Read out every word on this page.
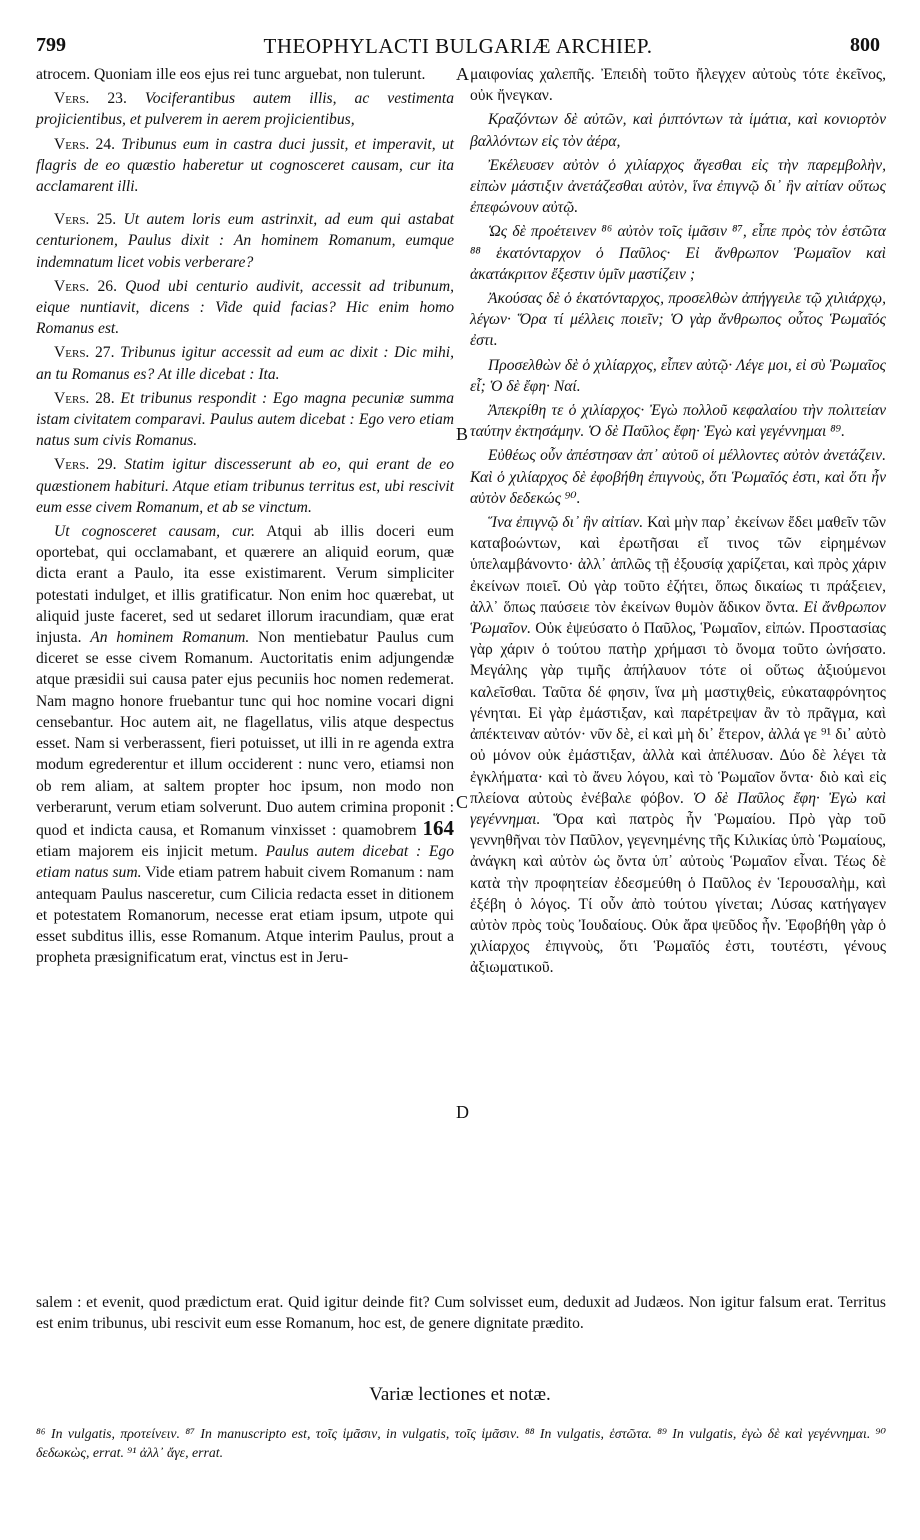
799	THEOPHYLACTI BULGARIÆ ARCHIEP.	800

atrocem. Quoniam ille eos ejus rei tunc arguebat, non tulerunt.

Vers. 23. Vociferantibus autem illis, ac vestimenta projicientibus, et pulverem in aerem projicientibus,

Vers. 24. Tribunus eum in castra duci jussit, et imperavit, ut flagris de eo quæstio haberetur ut cognosceret causam, cur ita acclamarent illi.

Vers. 25. Ut autem loris eum astrinxit, ad eum qui astabat centurionem, Paulus dixit : An hominem Romanum, eumque indemnatum licet vobis verberare?

Vers. 26. Quod ubi centurio audivit, accessit ad tribunum, eique nuntiavit, dicens : Vide quid facias? Hic enim homo Romanus est.

Vers. 27. Tribunus igitur accessit ad eum ac dixit : Dic mihi, an tu Romanus es? At ille dicebat : Ita.

Vers. 28. Et tribunus respondit : Ego magna pecuniæ summa istam civitatem comparavi. Paulus autem dicebat : Ego vero etiam natus sum civis Romanus.

Vers. 29. Statim igitur discesserunt ab eo, qui erant de eo quæstionem habituri. Atque etiam tribunus territus est, ubi rescivit eum esse civem Romanum, et ab se vinctum.

Ut cognosceret causam, cur. Atqui ab illis doceri eum oportebat, qui occlamabant, et quærere an aliquid eorum, quæ dicta erant a Paulo, ita esse existimarent. Verum simpliciter potestati indulget, et illis gratificatur. Non enim hoc quærebat, ut aliquid juste faceret, sed ut sedaret illorum iracundiam, quæ erat injusta. An hominem Romanum. Non mentiebatur Paulus cum diceret se esse civem Romanum. Auctoritatis enim adjungendæ atque præsidii sui causa pater ejus pecuniis hoc nomen redemerat. Nam magno honore fruebantur tunc qui hoc nomine vocari digni censebantur. Hoc autem ait, ne flagellatus, vilis atque despectus esset. Nam si verberassent, fieri potuisset, ut illi in re agenda extra modum egrederentur et illum occiderent : nunc vero, etiamsi non ob rem aliam, at saltem propter hoc ipsum, non modo non verberarunt, verum etiam solverunt. Duo autem crimina proponit : quod et indicta causa, et Romanum vinxisset : quamobrem 164 etiam majorem eis injicit metum. Paulus autem dicebat : Ego etiam natus sum. Vide etiam patrem habuit civem Romanum : nam antequam Paulus nasceretur, cum Cilicia redacta esset in ditionem et potestatem Romanorum, necesse erat etiam ipsum, utpote qui esset subditus illis, esse Romanum. Atque interim Paulus, prout a propheta præsignificatum erat, vinctus est in Jeru-

A
B
C
D

μαιφονίας χαλεπῆς. Ἐπειδὴ τοῦτο ἤλεγχεν αὐτοὺς τότε ἐκεῖνος, οὐκ ἤνεγκαν.

Κραζόντων δὲ αὐτῶν, καὶ ῥιπτόντων τὰ ἱμάτια, καὶ κονιορτὸν βαλλόντων εἰς τὸν ἀέρα,

Ἐκέλευσεν αὐτὸν ὁ χιλίαρχος ἄγεσθαι εἰς τὴν παρεμβολὴν, εἰπὼν μάστιξιν ἀνετάζεσθαι αὐτὸν, ἵνα ἐπιγνῷ δι᾽ ἣν αἰτίαν οὕτως ἐπεφώνουν αὐτῷ.

Ὡς δὲ προέτεινεν ⁸⁶ αὐτὸν τοῖς ἱμᾶσιν ⁸⁷, εἶπε πρὸς τὸν ἑστῶτα ⁸⁸ ἑκατόνταρχον ὁ Παῦλος· Εἰ ἄνθρωπον Ῥωμαῖον καὶ ἀκατάκριτον ἔξεστιν ὑμῖν μαστίζειν ;

Ἀκούσας δὲ ὁ ἑκατόνταρχος, προσελθὼν ἀπήγγειλε τῷ χιλιάρχῳ, λέγων· Ὅρα τί μέλλεις ποιεῖν; Ὁ γὰρ ἄνθρωπος οὗτος Ῥωμαῖός ἐστι.

Προσελθὼν δὲ ὁ χιλίαρχος, εἶπεν αὐτῷ· Λέγε μοι, εἰ σὺ Ῥωμαῖος εἶ; Ὁ δὲ ἔφη· Ναί.

Ἀπεκρίθη τε ὁ χιλίαρχος· Ἐγὼ πολλοῦ κεφαλαίου τὴν πολιτείαν ταύτην ἐκτησάμην. Ὁ δὲ Παῦλος ἔφη· Ἐγὼ καὶ γεγέννημαι ⁸⁹.

Εὐθέως οὖν ἀπέστησαν ἀπ᾽ αὐτοῦ οἱ μέλλοντες αὐτὸν ἀνετάζειν. Καὶ ὁ χιλίαρχος δὲ ἐφοβήθη ἐπιγνοὺς, ὅτι Ῥωμαῖός ἐστι, καὶ ὅτι ἦν αὐτὸν δεδεκώς ⁹⁰.

Ἵνα ἐπιγνῷ δι᾽ ἣν αἰτίαν. Καὶ μὴν παρ᾽ ἐκείνων ἔδει μαθεῖν τῶν καταβοώντων, καὶ ἐρωτῆσαι εἴ τινος τῶν εἰρημένων ὑπελαμβάνοντο· ἀλλ᾽ ἁπλῶς τῇ ἐξουσίᾳ χαρίζεται, καὶ πρὸς χάριν ἐκείνων ποιεῖ. Οὐ γὰρ τοῦτο ἐζήτει, ὅπως δικαίως τι πράξειεν, ἀλλ᾽ ὅπως παύσειε τὸν ἐκείνων θυμὸν ἄδικον ὄντα. Εἰ ἄνθρωπον Ῥωμαῖον. Οὐκ ἐψεύσατο ὁ Παῦλος, Ῥωμαῖον, εἰπών. Προστασίας γὰρ χάριν ὁ τούτου πατὴρ χρήμασι τὸ ὄνομα τοῦτο ὠνήσατο. Μεγάλης γὰρ τιμῆς ἀπήλαυον τότε οἱ οὕτως ἀξιούμενοι καλεῖσθαι. Ταῦτα δέ φησιν, ἵνα μὴ μαστιχθεὶς, εὐκαταφρόνητος γένηται. Εἰ γὰρ ἐμάστιξαν, καὶ παρέτρεψαν ἂν τὸ πρᾶγμα, καὶ ἀπέκτειναν αὐτόν· νῦν δὲ, εἰ καὶ μὴ δι᾽ ἕτερον, ἀλλά γε ⁹¹ δι᾽ αὐτὸ οὐ μόνον οὐκ ἐμάστιξαν, ἀλλὰ καὶ ἀπέλυσαν. Δύο δὲ λέγει τὰ ἐγκλήματα· καὶ τὸ ἄνευ λόγου, καὶ τὸ Ῥωμαῖον ὄντα· διὸ καὶ εἰς πλείονα αὐτοὺς ἐνέβαλε φόβον. Ὁ δὲ Παῦλος ἔφη· Ἐγὼ καὶ γεγέννημαι. Ὅρα καὶ πατρὸς ἦν Ῥωμαίου. Πρὸ γὰρ τοῦ γεννηθῆναι τὸν Παῦλον, γεγενημένης τῆς Κιλικίας ὑπὸ Ῥωμαίους, ἀνάγκη καὶ αὐτὸν ὡς ὄντα ὑπ᾽ αὐτοὺς Ῥωμαῖον εἶναι. Τέως δὲ κατὰ τὴν προφητείαν ἐδεσμεύθη ὁ Παῦλος ἐν Ἱερουσαλὴμ, καὶ ἐξέβη ὁ λόγος. Τί οὖν ἀπὸ τούτου γίνεται; Λύσας κατήγαγεν αὐτὸν πρὸς τοὺς Ἰουδαίους. Οὐκ ἄρα ψεῦδος ἦν. Ἐφοβήθη γὰρ ὁ χιλίαρχος ἐπιγνοὺς, ὅτι Ῥωμαῖός ἐστι, τουτέστι, γένους ἀξιωματικοῦ.

salem : et evenit, quod prædictum erat. Quid igitur deinde fit? Cum solvisset eum, deduxit ad Judæos. Non igitur falsum erat. Territus est enim tribunus, ubi rescivit eum esse Romanum, hoc est, de genere dignitate prædito.

Variæ lectiones et notæ.
⁸⁶ In vulgatis, προτείνειν. ⁸⁷ In manuscripto est, τοῖς ἱμᾶσιν, in vulgatis, τοῖς ἱμᾶσιν. ⁸⁸ In vulgatis, ἑστῶτα. ⁸⁹ In vulgatis, ἐγὼ δὲ καὶ γεγέννημαι. ⁹⁰ δεδωκὼς, errat. ⁹¹ ἀλλ᾽ ἄγε, errat.
